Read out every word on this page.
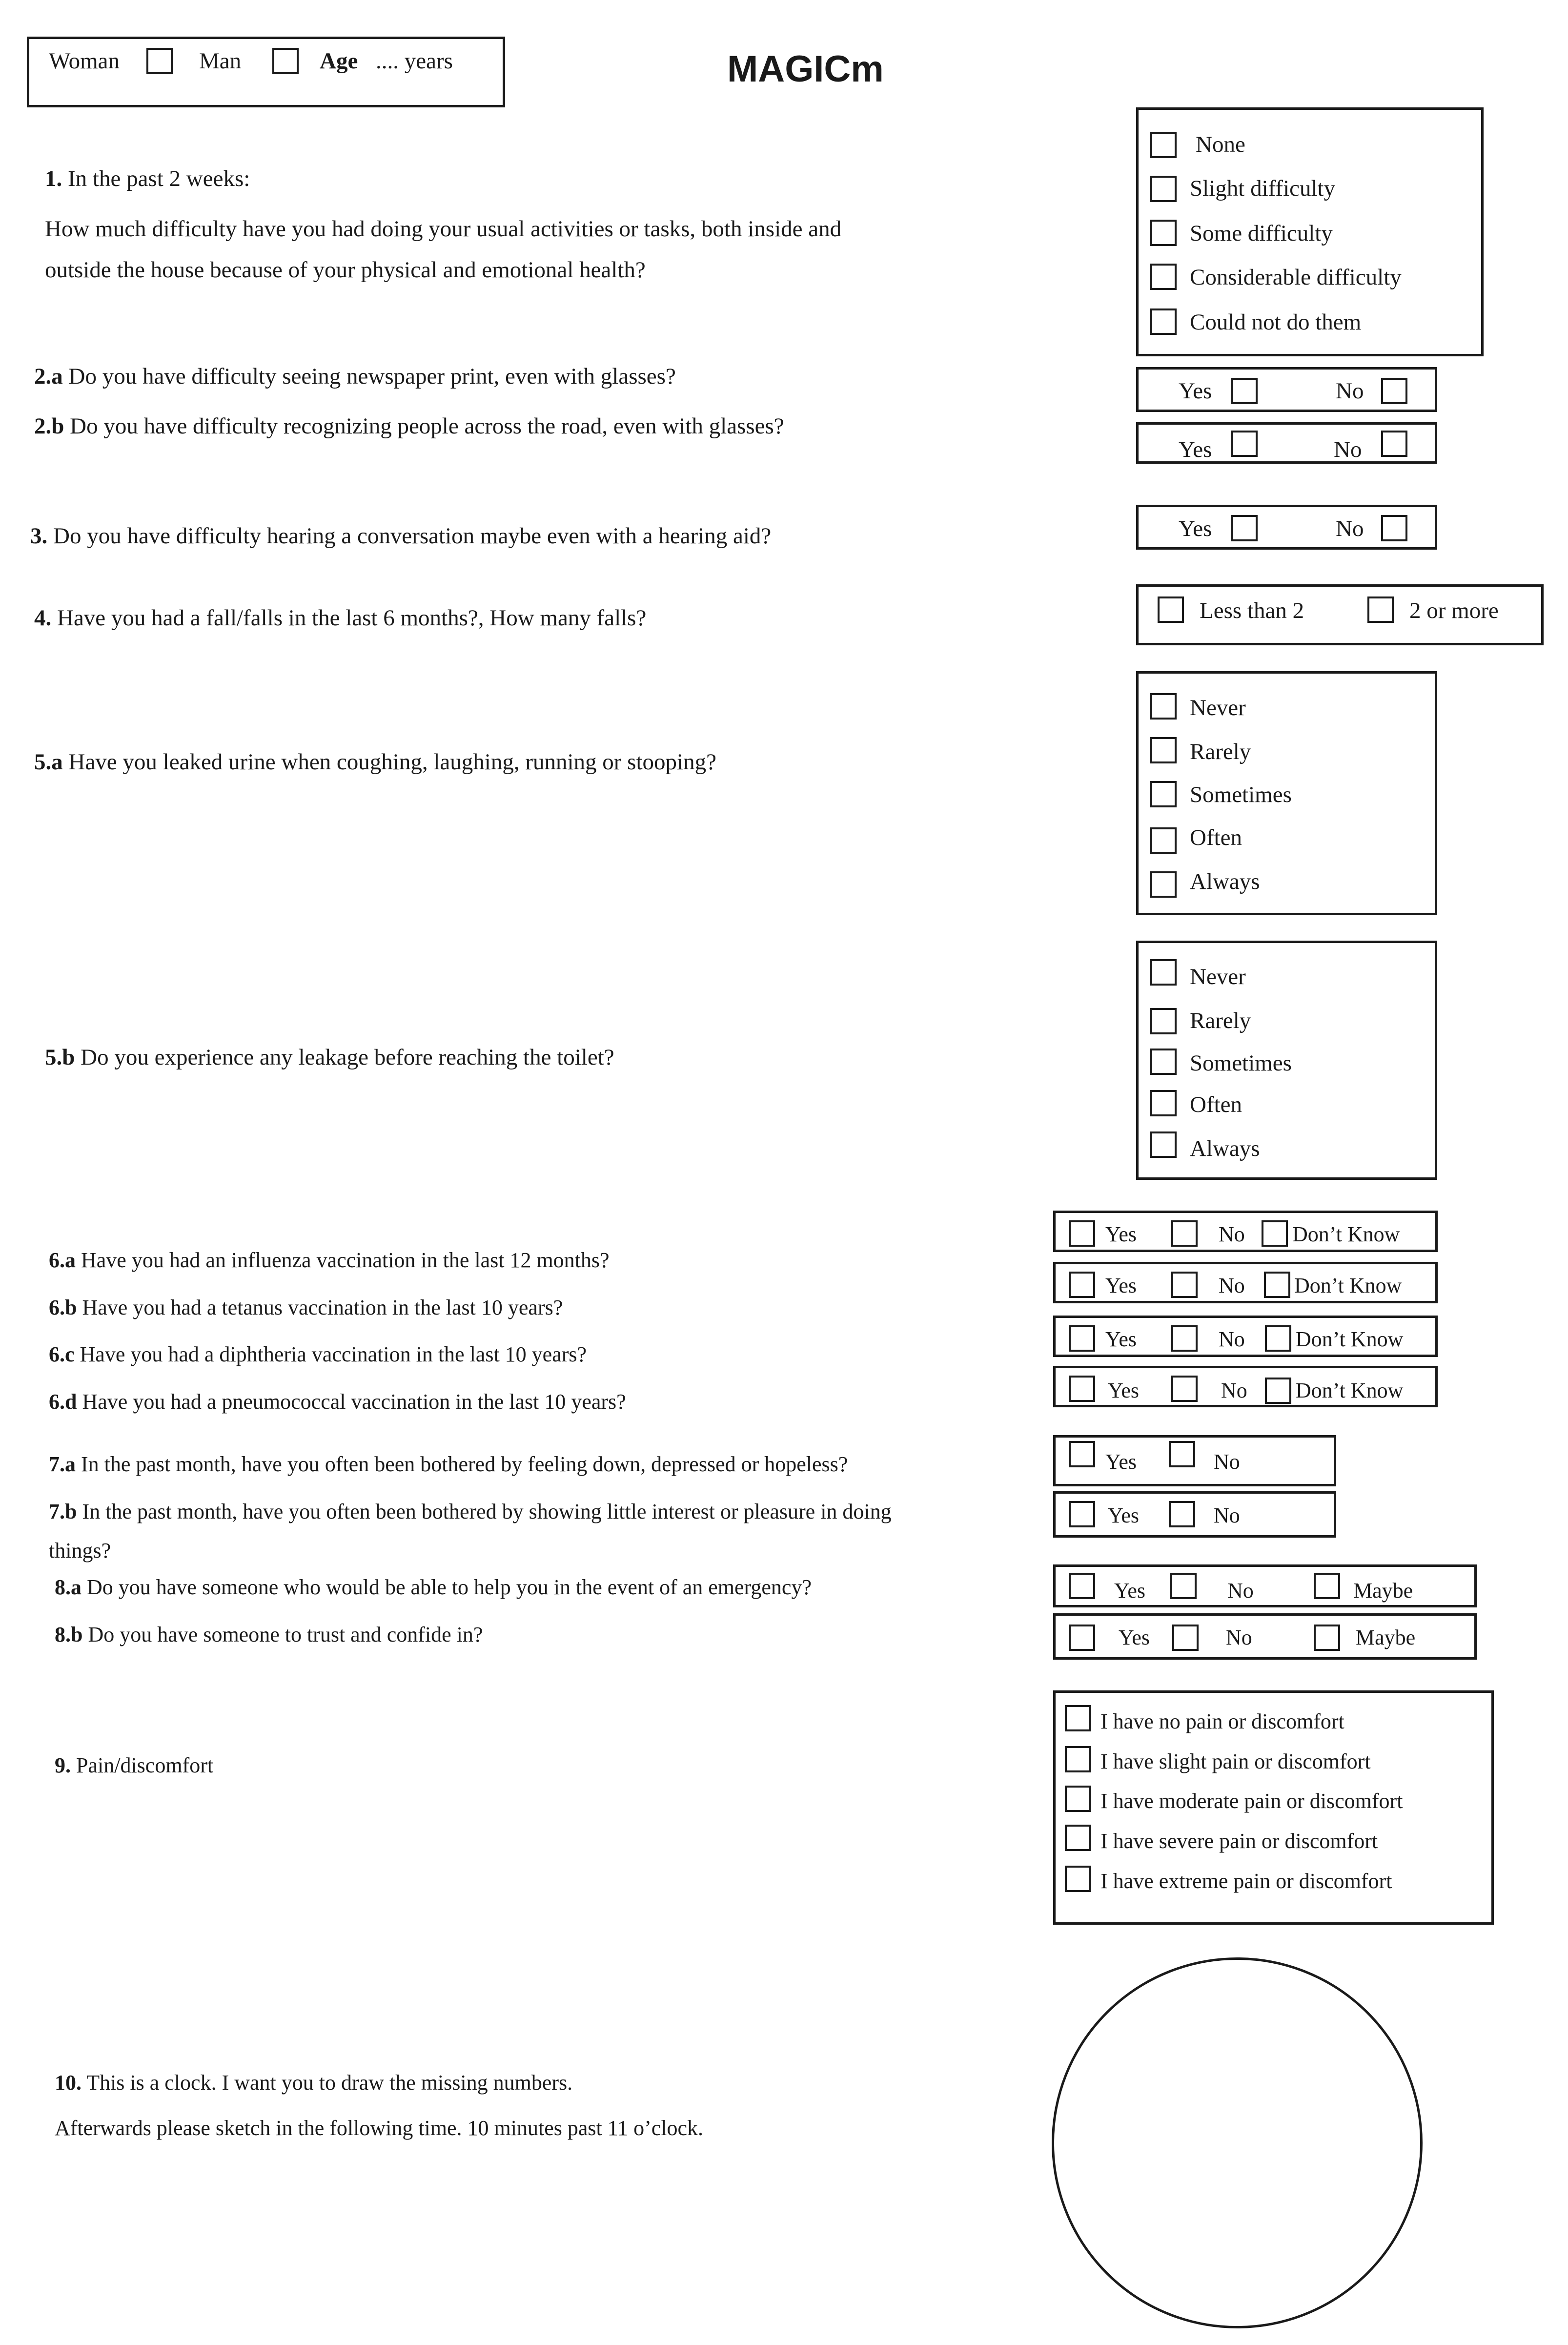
Woman	Man	Age .... years	MAGICm
1. In the past 2 weeks:
How much difficulty have you had doing your usual activities or tasks, both inside and
outside the house because of your physical and emotional health?
None
Slight difficulty
Some difficulty
Considerable difficulty
Could not do them
2.a Do you have difficulty seeing newspaper print, even with glasses?
2.b Do you have difficulty recognizing people across the road, even with glasses?
Yes	No
Yes	No
3. Do you have difficulty hearing a conversation maybe even with a hearing aid?	Yes	No
4. Have you had a fall/falls in the last 6 months?, How many falls?	Less than 2	2 or more
5.a Have you leaked urine when coughing, laughing, running or stooping?
Never
Rarely
Sometimes
Often
Always
5.b Do you experience any leakage before reaching the toilet?
Never
Rarely
Sometimes
Often
Always
6.a Have you had an influenza vaccination in the last 12 months?
6.b Have you had a tetanus vaccination in the last 10 years?
6.c Have you had a diphtheria vaccination in the last 10 years?
6.d Have you had a pneumococcal vaccination in the last 10 years?
Yes	No Don’t Know
Yes	No Don’t Know
Yes	No Don’t Know
Yes	No Don’t Know
7.a In the past month, have you often been bothered by feeling down, depressed or hopeless?
7.b In the past month, have you often been bothered by showing little interest or pleasure in doing
things?
Yes	No
Yes	No
8.a Do you have someone who would be able to help you in the event of an emergency?
8.b Do you have someone to trust and confide in?
Yes	No	Maybe
Yes	No	Maybe
9. Pain/discomfort
I have no pain or discomfort
I have slight pain or discomfort
I have moderate pain or discomfort
I have severe pain or discomfort
I have extreme pain or discomfort
10. This is a clock. I want you to draw the missing numbers.
Afterwards please sketch in the following time. 10 minutes past 11 o’clock.
